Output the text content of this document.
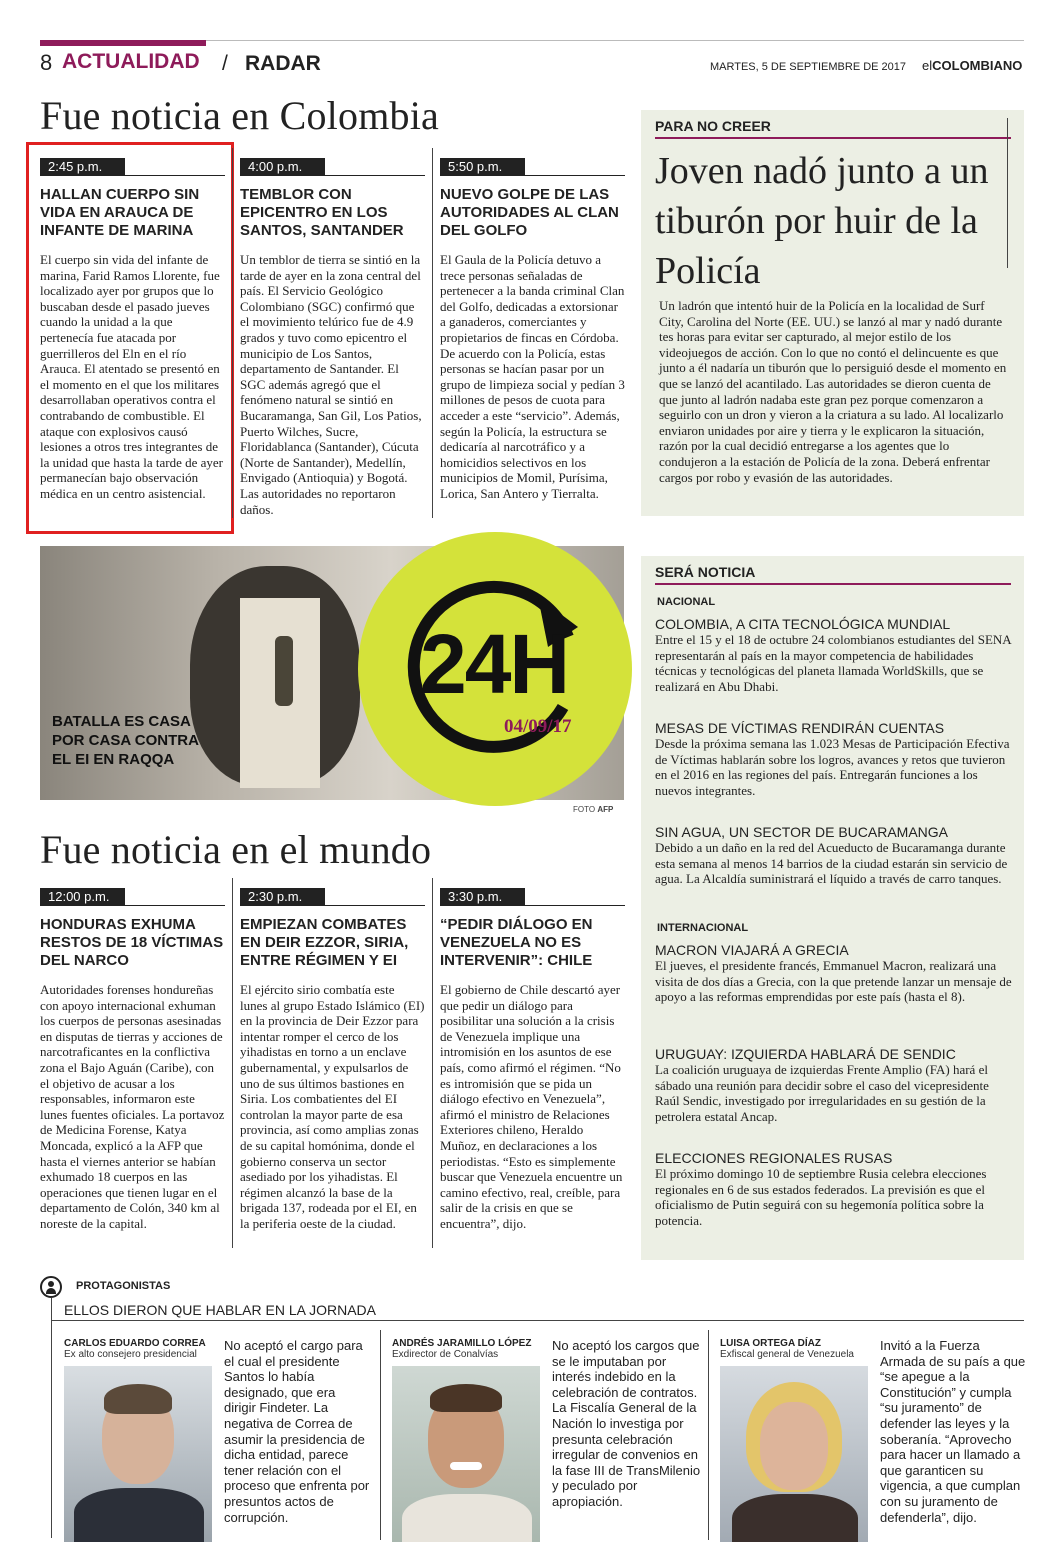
8 ACTUALIDAD / RADAR	MARTES, 5 DE SEPTIEMBRE DE 2017 elCOLOMBIANO
Fue noticia en Colombia
2:45 p.m.
HALLAN CUERPO SIN VIDA EN ARAUCA DE INFANTE DE MARINA
El cuerpo sin vida del infante de marina, Farid Ramos Llorente, fue localizado ayer por grupos que lo buscaban desde el pasado jueves cuando la unidad a la que pertenecía fue atacada por guerrilleros del Eln en el río Arauca. El atentado se presentó en el momento en el que los militares desarrollaban operativos contra el contrabando de combustible. El ataque con explosivos causó lesiones a otros tres integrantes de la unidad que hasta la tarde de ayer permanecían bajo observación médica en un centro asistencial.
4:00 p.m.
TEMBLOR CON EPICENTRO EN LOS SANTOS, SANTANDER
Un temblor de tierra se sintió en la tarde de ayer en la zona central del país. El Servicio Geológico Colombiano (SGC) confirmó que el movimiento telúrico fue de 4.9 grados y tuvo como epicentro el municipio de Los Santos, departamento de Santander. El SGC además agregó que el fenómeno natural se sintió en Bucaramanga, San Gil, Los Patios, Puerto Wilches, Sucre, Floridablanca (Santander), Cúcuta (Norte de Santander), Medellín, Envigado (Antioquia) y Bogotá. Las autoridades no reportaron daños.
5:50 p.m.
NUEVO GOLPE DE LAS AUTORIDADES AL CLAN DEL GOLFO
El Gaula de la Policía detuvo a trece personas señaladas de pertenecer a la banda criminal Clan del Golfo, dedicadas a extorsionar a ganaderos, comerciantes y propietarios de fincas en Córdoba. De acuerdo con la Policía, estas personas se hacían pasar por un grupo de limpieza social y pedían 3 millones de pesos de cuota para acceder a este “servicio”. Además, según la Policía, la estructura se dedicaría al narcotráfico y a homicidios selectivos en los municipios de Momil, Purísima, Lorica, San Antero y Tierralta.
PARA NO CREER
Joven nadó junto a un tiburón por huir de la Policía
Un ladrón que intentó huir de la Policía en la localidad de Surf City, Carolina del Norte (EE. UU.) se lanzó al mar y nadó durante tes horas para evitar ser capturado, al mejor estilo de los videojuegos de acción. Con lo que no contó el delincuente es que junto a él nadaría un tiburón que lo persiguió desde el momento en que se lanzó del acantilado. Las autoridades se dieron cuenta de que junto al ladrón nadaba este gran pez porque comenzaron a seguirlo con un dron y vieron a la criatura a su lado. Al localizarlo enviaron unidades por aire y tierra y le explicaron la situación, razón por la cual decidió entregarse a los agentes que lo condujeron a la estación de Policía de la zona. Deberá enfrentar cargos por robo y evasión de las autoridades.
BATALLA ES CASA POR CASA CONTRA EL EI EN RAQQA
24H
04/09/17
FOTO AFP
Fue noticia en el mundo
12:00 p.m.
HONDURAS EXHUMA RESTOS DE 18 VÍCTIMAS DEL NARCO
Autoridades forenses hondureñas con apoyo internacional exhuman los cuerpos de personas asesinadas en disputas de tierras y acciones de narcotraficantes en la conflictiva zona el Bajo Aguán (Caribe), con el objetivo de acusar a los responsables, informaron este lunes fuentes oficiales. La portavoz de Medicina Forense, Katya Moncada, explicó a la AFP que hasta el viernes anterior se habían exhumado 18 cuerpos en las operaciones que tienen lugar en el departamento de Colón, 340 km al noreste de la capital.
2:30 p.m.
EMPIEZAN COMBATES EN DEIR EZZOR, SIRIA, ENTRE RÉGIMEN Y EI
El ejército sirio combatía este lunes al grupo Estado Islámico (EI) en la provincia de Deir Ezzor para intentar romper el cerco de los yihadistas en torno a un enclave gubernamental, y expulsarlos de uno de sus últimos bastiones en Siria. Los combatientes del EI controlan la mayor parte de esa provincia, así como amplias zonas de su capital homónima, donde el gobierno conserva un sector asediado por los yihadistas. El régimen alcanzó la base de la brigada 137, rodeada por el EI, en la periferia oeste de la ciudad.
3:30 p.m.
“PEDIR DIÁLOGO EN VENEZUELA NO ES INTERVENIR”: CHILE
El gobierno de Chile descartó ayer que pedir un diálogo para posibilitar una solución a la crisis de Venezuela implique una intromisión en los asuntos de ese país, como afirmó el régimen. “No es intromisión que se pida un diálogo efectivo en Venezuela”, afirmó el ministro de Relaciones Exteriores chileno, Heraldo Muñoz, en declaraciones a los periodistas. “Esto es simplemente buscar que Venezuela encuentre un camino efectivo, real, creíble, para salir de la crisis en que se encuentra”, dijo.
SERÁ NOTICIA
NACIONAL
COLOMBIA, A CITA TECNOLÓGICA MUNDIAL
Entre el 15 y el 18 de octubre 24 colombianos estudiantes del SENA representarán al país en la mayor competencia de habilidades técnicas y tecnológicas del planeta llamada WorldSkills, que se realizará en Abu Dhabi.
MESAS DE VÍCTIMAS RENDIRÁN CUENTAS
Desde la próxima semana las 1.023 Mesas de Participación Efectiva de Víctimas hablarán sobre los logros, avances y retos que tuvieron en el 2016 en las regiones del país. Entregarán funciones a los nuevos integrantes.
SIN AGUA, UN SECTOR DE BUCARAMANGA
Debido a un daño en la red del Acueducto de Bucaramanga durante esta semana al menos 14 barrios de la ciudad estarán sin servicio de agua. La Alcaldía suministrará el líquido a través de carro tanques.
INTERNACIONAL
MACRON VIAJARÁ A GRECIA
El jueves, el presidente francés, Emmanuel Macron, realizará una visita de dos días a Grecia, con la que pretende lanzar un mensaje de apoyo a las reformas emprendidas por este país (hasta el 8).
URUGUAY: IZQUIERDA HABLARÁ DE SENDIC
La coalición uruguaya de izquierdas Frente Amplio (FA) hará el sábado una reunión para decidir sobre el caso del vicepresidente Raúl Sendic, investigado por irregularidades en su gestión de la petrolera estatal Ancap.
ELECCIONES REGIONALES RUSAS
El próximo domingo 10 de septiembre Rusia celebra elecciones regionales en 6 de sus estados federados. La previsión es que el oficialismo de Putin seguirá con su hegemonía política sobre la potencia.
PROTAGONISTAS
ELLOS DIERON QUE HABLAR EN LA JORNADA
CARLOS EDUARDO CORREA
Ex alto consejero presidencial
No aceptó el cargo para el cual el presidente Santos lo había designado, que era dirigir Findeter. La negativa de Correa de asumir la presidencia de dicha entidad, parece tener relación con el proceso que enfrenta por presuntos actos de corrupción.
ANDRÉS JARAMILLO LÓPEZ
Exdirector de Conalvías
No aceptó los cargos que se le imputaban por interés indebido en la celebración de contratos. La Fiscalía General de la Nación lo investiga por presunta celebración irregular de convenios en la fase III de TransMilenio y peculado por apropiación.
LUISA ORTEGA DÍAZ
Exfiscal general de Venezuela
Invitó a la Fuerza Armada de su país a que “se apegue a la Constitución” y cumpla “su juramento” de defender las leyes y la soberanía. “Aprovecho para hacer un llamado a que garanticen su vigencia, a que cumplan con su juramento de defenderla”, dijo.
